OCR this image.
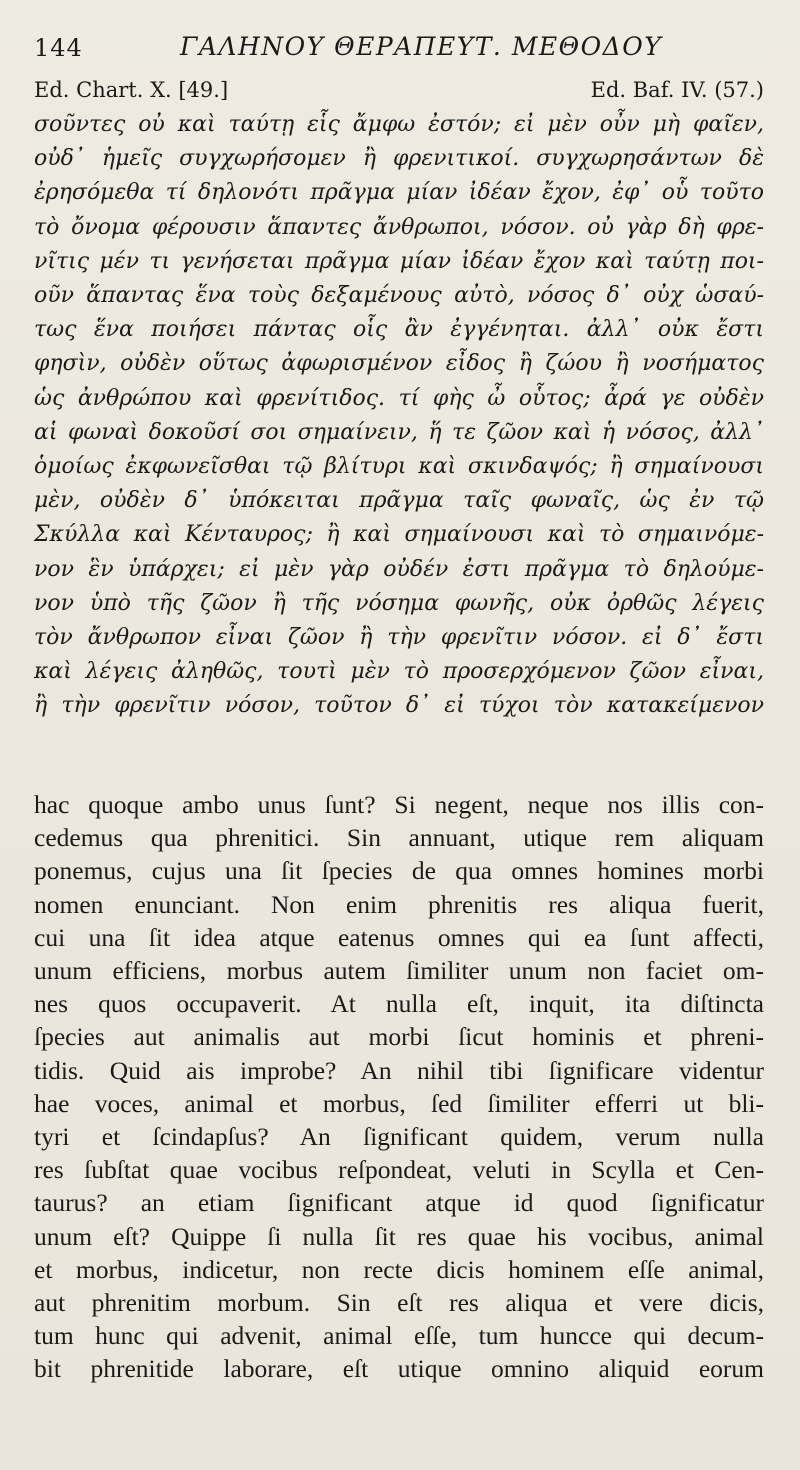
144	ΓΑΛΗΝΟΥ ΘΕΡΑΠΕΥΤ. ΜΕΘΟΔΟΥ
Ed. Chart. X. [49.]	Ed. Baf. IV. (57.)
σοῦντες οὐ καὶ ταύτῃ εἷς ἄμφω ἐστόν; εἰ μὲν οὖν μὴ φαῖεν,
οὐδ᾽ ἡμεῖς συγχωρήσομεν ἢ φρενιτικοί. συγχωρησάντων δὲ
ἐρησόμεθα τί δηλονότι πρᾶγμα μίαν ἰδέαν ἔχον, ἐφ᾽ οὗ τοῦτο
τὸ ὄνομα φέρουσιν ἅπαντες ἄνθρωποι, νόσον. οὐ γὰρ δὴ φρε-
νῖτις μέν τι γενήσεται πρᾶγμα μίαν ἰδέαν ἔχον καὶ ταύτῃ ποι-
οῦν ἅπαντας ἕνα τοὺς δεξαμένους αὐτὸ, νόσος δ᾽ οὐχ ὡσαύ-
τως ἕνα ποιήσει πάντας οἷς ἂν ἐγγένηται. ἀλλ᾽ οὐκ ἔστι
φησὶν, οὐδὲν οὕτως ἀφωρισμένον εἶδος ἢ ζώου ἢ νοσήματος
ὡς ἀνθρώπου καὶ φρενίτιδος. τί φὴς ὦ οὗτος; ἆρά γε οὐδὲν
αἱ φωναὶ δοκοῦσί σοι σημαίνειν, ἥ τε ζῶον καὶ ἡ νόσος, ἀλλ᾽
ὁμοίως ἐκφωνεῖσθαι τῷ βλίτυρι καὶ σκινδαψός; ἢ σημαίνουσι
μὲν, οὐδὲν δ᾽ ὑπόκειται πρᾶγμα ταῖς φωναῖς, ὡς ἐν τῷ
Σκύλλα καὶ Κένταυρος; ἢ καὶ σημαίνουσι καὶ τὸ σημαινόμε-
νον ἓν ὑπάρχει; εἰ μὲν γὰρ οὐδέν ἐστι πρᾶγμα τὸ δηλούμε-
νον ὑπὸ τῆς ζῶον ἢ τῆς νόσημα φωνῆς, οὐκ ὀρθῶς λέγεις
τὸν ἄνθρωπον εἶναι ζῶον ἢ τὴν φρενῖτιν νόσον. εἰ δ᾽ ἔστι
καὶ λέγεις ἀληθῶς, τουτὶ μὲν τὸ προσερχόμενον ζῶον εἶναι,
ἢ τὴν φρενῖτιν νόσον, τοῦτον δ᾽ εἰ τύχοι τὸν κατακείμενον
hac quoque ambo unus ſunt? Si negent, neque nos illis con-
cedemus qua phrenitici. Sin annuant, utique rem aliquam
ponemus, cujus una ſit ſpecies de qua omnes homines morbi
nomen enunciant. Non enim phrenitis res aliqua fuerit,
cui una ſit idea atque eatenus omnes qui ea ſunt affecti,
unum efficiens, morbus autem ſimiliter unum non faciet om-
nes quos occupaverit. At nulla eſt, inquit, ita diſtincta
ſpecies aut animalis aut morbi ſicut hominis et phreni-
tidis. Quid ais improbe? An nihil tibi ſignificare videntur
hae voces, animal et morbus, ſed ſimiliter efferri ut bli-
tyri et ſcindapſus? An ſignificant quidem, verum nulla
res ſubſtat quae vocibus reſpondeat, veluti in Scylla et Cen-
taurus? an etiam ſignificant atque id quod ſignificatur
unum eſt? Quippe ſi nulla ſit res quae his vocibus, animal
et morbus, indicetur, non recte dicis hominem eſſe animal,
aut phrenitim morbum. Sin eſt res aliqua et vere dicis,
tum hunc qui advenit, animal eſſe, tum huncce qui decum-
bit phrenitide laborare, eſt utique omnino aliquid eorum
